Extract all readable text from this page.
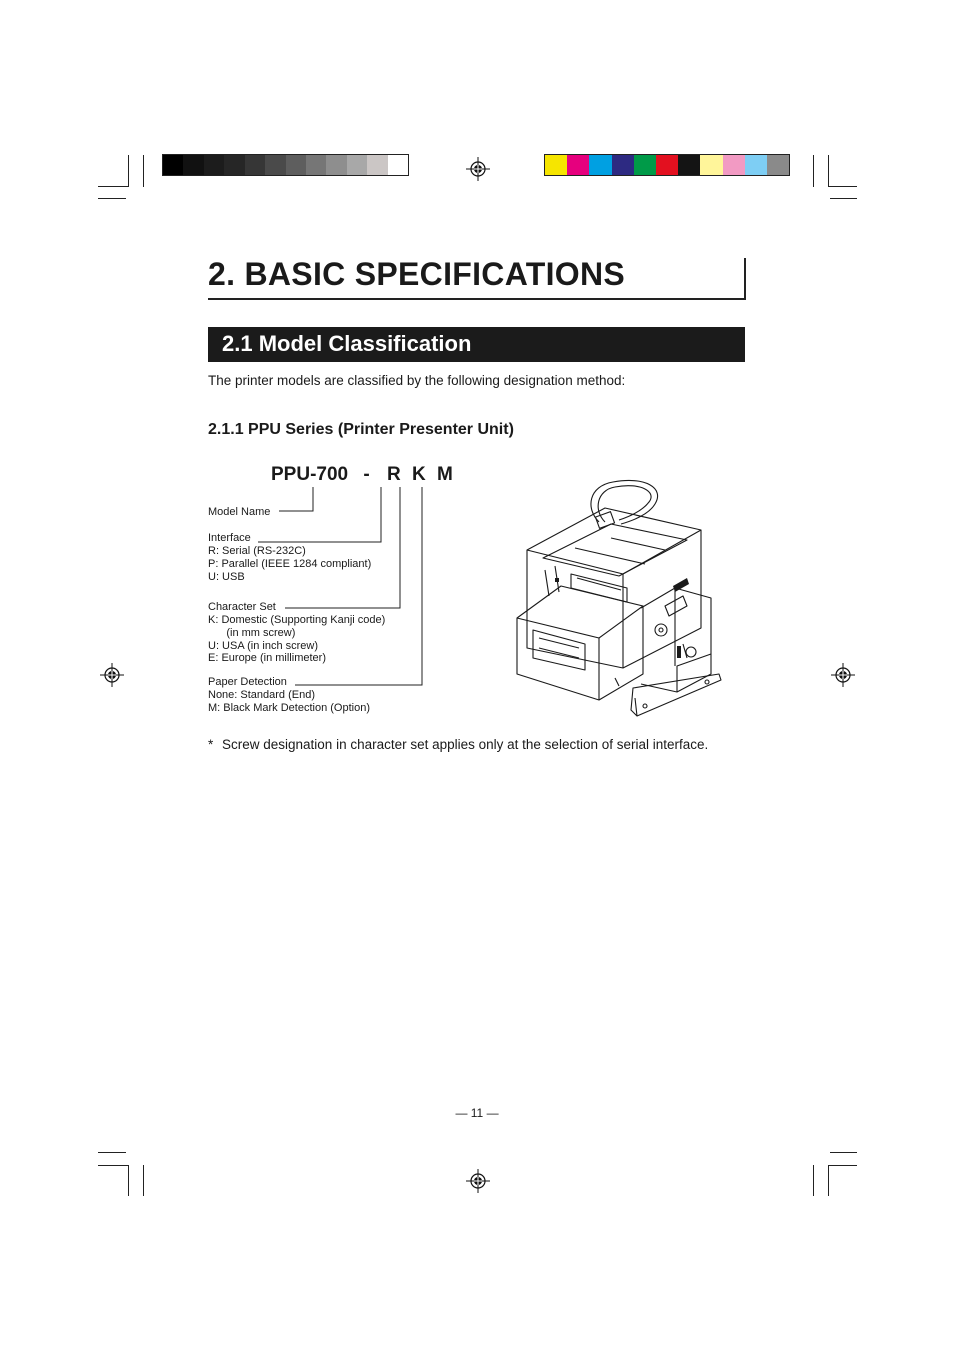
2. BASIC SPECIFICATIONS
2.1 Model Classification
The printer models are classified by the following designation method:
2.1.1 PPU Series (Printer Presenter Unit)
PPU-700 - R K M
Model Name
Interface
R: Serial (RS-232C)
P: Parallel (IEEE 1284 compliant)
U: USB
Character Set
K: Domestic (Supporting Kanji code)
(in mm screw)
U: USA (in inch screw)
E: Europe (in millimeter)
Paper Detection
None: Standard (End)
M: Black Mark Detection (Option)
* Screw designation in character set applies only at the selection of serial interface.
— 11 —
